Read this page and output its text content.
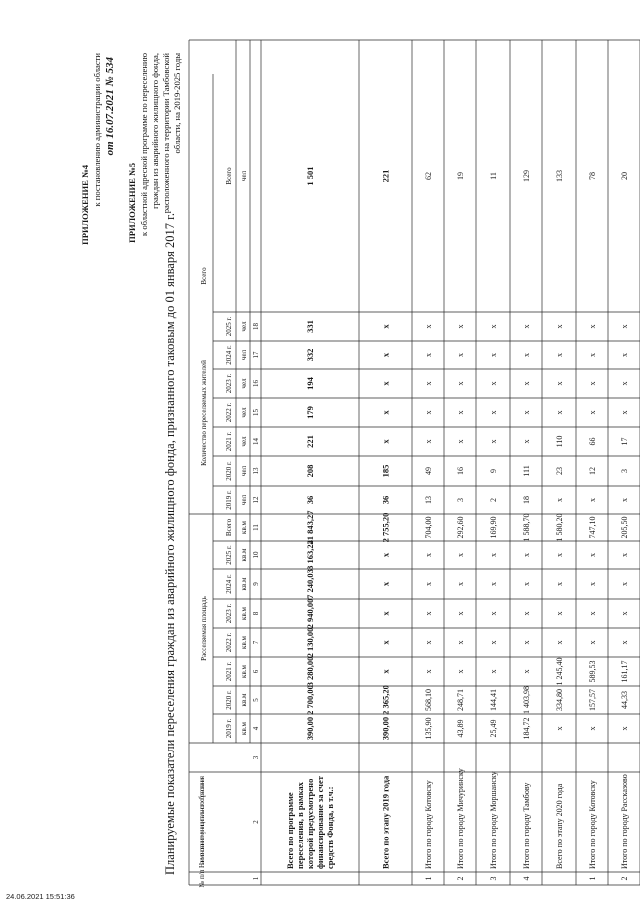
24.06.2021 15:51:36
ПРИЛОЖЕНИЕ №4 к постановлению администрации области от 16.07.2021 № 534
ПРИЛОЖЕНИЕ №5 к областной адресной программе по переселению граждан из аварийного жилищного фонда, расположенного на территории Тамбовской области, на 2019-2025 годы
Планируемые показатели переселения граждан из аварийного жилищного фонда, признанного таковым до 01 января 2017 г.
№ п/п
Наименование муниципального образования
Расселяемая площадь
Количество переселяемых жителей
Всего
2019 г. кв.м
2020 г. кв.м
2021 г. кв.м
2022 г. кв.м
2023 г. кв.м
2024 г. кв.м
2025 г. кв.м
Всего кв.м
2019 г. чел
2020 г. чел
2021 г. чел
2022 г. чел
2023 г. чел
2024 г. чел
2025 г. чел
Всего чел
1
2
3
4
5
6
7
8
9
10
11
12
13
14
15
16
17
18
Всего по программе переселения, в рамках которой предусмотрено финансирование за счет средств Фонда, в т.ч.:
390,00
2 700,00
3 280,00
2 130,00
2 940,00
7 240,03
3 163,24
21 843,27
36
208
221
179
194
332
331
1 501
Всего по этапу 2019 года
390,00
2 365,20
х
х
х
х
х
2 755,20
36
185
х
х
х
х
х
221
1
Итого по городу Котовску
135,90
568,10
х
х
х
х
х
704,00
13
49
х
х
х
х
х
62
2
Итого по городу Мичуринску
43,89
248,71
х
х
х
х
х
292,60
3
16
х
х
х
х
х
19
3
Итого по городу Моршанску
25,49
144,41
х
х
х
х
х
169,90
2
9
х
х
х
х
х
11
4
Итого по городу Тамбову
184,72
1 403,98
х
х
х
х
х
1 588,70
18
111
х
х
х
х
х
129
Всего по этапу 2020 года
х
334,80
1 245,40
х
х
х
х
1 580,20
х
23
110
х
х
х
х
133
1
Итого по городу Котовску
х
157,57
589,53
х
х
х
х
747,10
х
12
66
х
х
х
х
78
2
Итого по городу Рассказово
х
44,33
161,17
х
х
х
х
205,50
х
3
17
х
х
х
х
20
